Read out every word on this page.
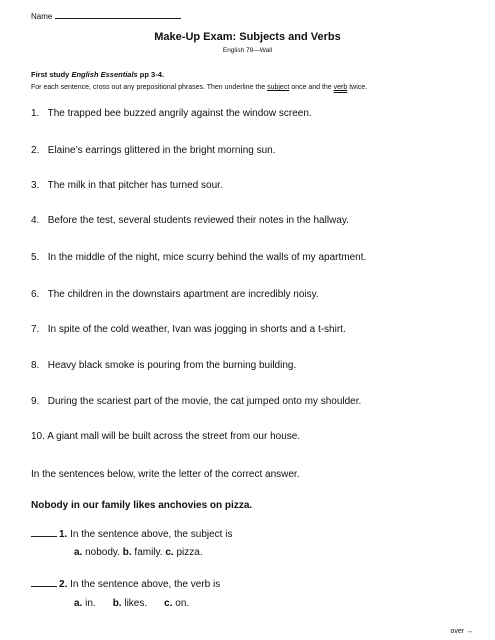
Name
Make-Up Exam: Subjects and Verbs
English 79—Wall
First study English Essentials pp 3-4.
For each sentence, cross out any prepositional phrases. Then underline the subject once and the verb twice.
1. The trapped bee buzzed angrily against the window screen.
2. Elaine’s earrings glittered in the bright morning sun.
3. The milk in that pitcher has turned sour.
4. Before the test, several students reviewed their notes in the hallway.
5. In the middle of the night, mice scurry behind the walls of my apartment.
6. The children in the downstairs apartment are incredibly noisy.
7. In spite of the cold weather, Ivan was jogging in shorts and a t-shirt.
8. Heavy black smoke is pouring from the burning building.
9. During the scariest part of the movie, the cat jumped onto my shoulder.
10. A giant mall will be built across the street from our house.
In the sentences below, write the letter of the correct answer.
Nobody in our family likes anchovies on pizza.
1. In the sentence above, the subject is
a. nobody. b. family. c. pizza.
2. In the sentence above, the verb is
a. in. b. likes. c. on.
over →
